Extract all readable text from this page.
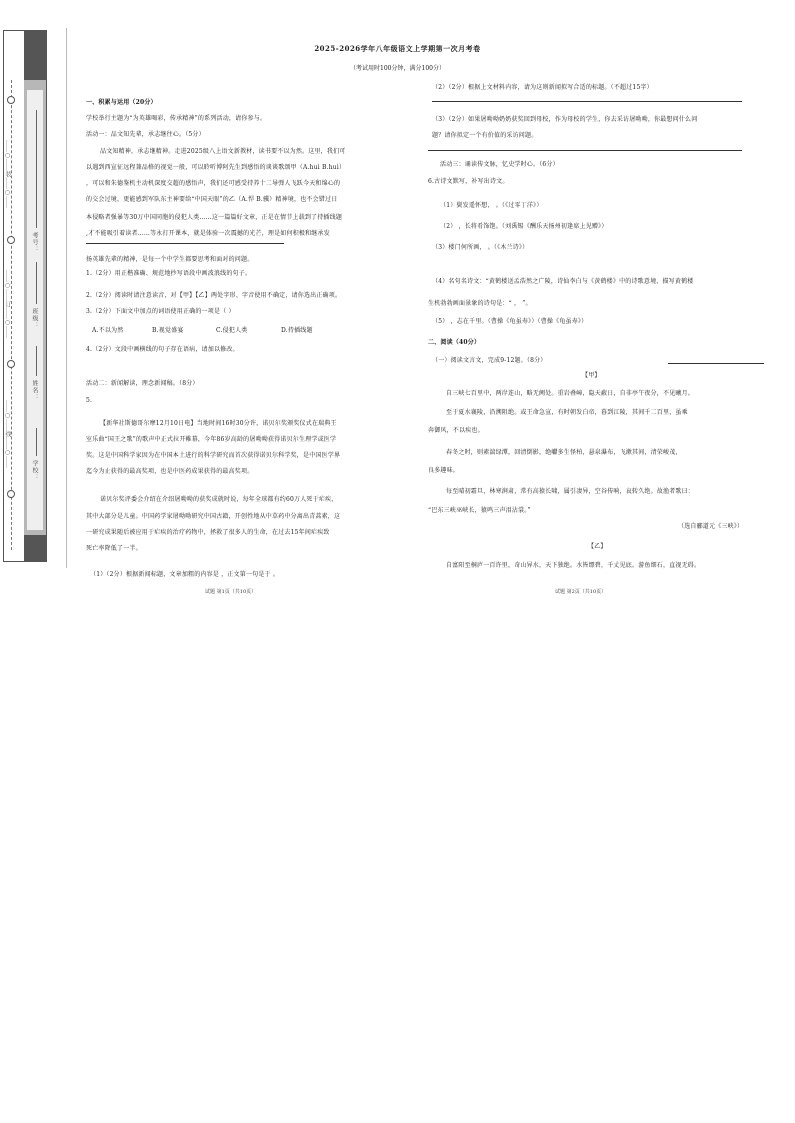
……○……装……○……
……○……订……○……
……○……线……○……
学校：
姓名：
班级：
考号：
2025-2026学年八年级语文上学期第一次月考卷
（考试用时100分钟，满分100分）
一、积累与运用（20分）
学校举行主题为“为英雄喝彩，传承精神”的系列活动，请你参与。
活动一：品文知先辈，承志继往心。（5分）
品文知精神，承志继精神。走进2025级八上语文新教材，读书要不以为然。这里，我们可
以遇到西宣征远程兼品格的视觉一般，可以聆听博阿先生到感悟的谈谈歌颂甲（A.huì B.huì）
，可以和朱德鉴机主动机深度交超的感悟声，我们还可感受持养十二导弹人飞跃今天和绵心的
的交会过境，更能感到军队东主神要给“中国天眼”的乙（A.悍 B.骥）精神境，也不会错过日
本侵略者强暴等30万中国同胞的侵犯人类……这一篇篇好文章，正是在情节上载到了持插线题
,才不能吸引着读者……等永打开课本，就是体验一次震撼的光芒，理是如何积极和继承发
扬英雄先辈的精神，是每一个中学生都要思考和面对的问题。
1.（2分）用正楷准确、规范地抄写语段中画波浪线的句子。
2.（2分）阅读时请注意读音，对【甲】【乙】两处字形、字音使用不确定，请你选出正确项。
3.（2分）下面文中加点的词语使用正确的一项是（ ）
A.不以为然	B.视觉盛宴	C.侵犯人类	D.持插线题
4.（2分）文段中画横线的句子存在语病，请加以修改。
活动二：新闻解读，理念新闻稿。（8分）
5.
【新华社斯德哥尔摩12月10日电】当地时间16时30分许，诺贝尔奖颁奖仪式在瑞典王
室乐曲“国王之歌”的歌声中正式拉开帷幕，今年86岁高龄的屠呦呦获得诺贝尔生理学或医学
奖。这是中国科学家因为在中国本土进行的科学研究而首次获得诺贝尔科学奖，是中国医学界
迄今为止获得的最高奖项，也是中医药成果获得的最高奖项。
诺贝尔奖评委会介绍在介绍屠呦呦的获奖成就时说，每年全球都有约60万人死于疟疾，
其中大部分是儿童。中国药学家屠呦呦研究中国古籍，开创性地从中草药中分离出青蒿素，这
一研究成果随后被应用于疟疾的治疗药物中，拯救了很多人的生命，在过去15年间疟疾致
死亡率降低了一半。
（1）（2分）根据新闻标题，文章加粗的内容是 ，正文第一句是于 。
试题 第1页（共10页）
（2）（2分）根据上文材料内容，请为这则新闻拟写合适的标题。（不超过15字）
（3）（2分）如果屠呦呦奶奶获奖回到母校，作为母校的学生，你去采访屠呦呦，你最想问什么问
题？请你拟定一个有价值的采访问题。
活动三：诵读传文脉，忆史学时心。（6分）
6.古诗文默写，补写出诗文。
（1）鬓发遥怀想， 。（《过零丁洋》）
（2） ，长将肴饰饱。（刘禹锡《酬乐天扬州初逢席上见赠》）
（3）楼门何所画， 。（《木兰诗》）
（4）名句名诗文：“黄鹤楼送孟浩然之广陵，诗仙李白与《黄鹤楼》中的诗歌意境，描写黄鹤楼
生机勃勃画面景象的诗句是：“ ， ”。
（5） ，志在千里。（曹操《龟虽寿》）（曹操《龟虽寿》）
二、阅读（40分）
（一）阅读文言文，完成9-12题。（8分）
【甲】
自三峡七百里中，两岸连山，略无阙处。重岩叠嶂，隐天蔽日，自非亭午夜分，不见曦月。
至于夏水襄陵，沿溯阻绝。或王命急宣，有时朝发白帝，暮到江陵，其间千二百里，虽乘
奔御风，不以疾也。
春冬之时，则素湍绿潭，回清倒影，绝巘多生怪柏，悬泉瀑布，飞漱其间，清荣峻茂，
良多趣味。
每至晴初霜旦，林寒涧肃，常有高猿长啸，属引凄异，空谷传响，哀转久绝。故渔者歌曰：
“巴东三峡巫峡长，猿鸣三声泪沾裳。”
（选自郦道元《三峡》）
【乙】
自富阳至桐庐一百许里，奇山异水，天下独绝。水皆缥碧，千丈见底。游鱼细石，直视无碍。
试题 第2页（共10页）
